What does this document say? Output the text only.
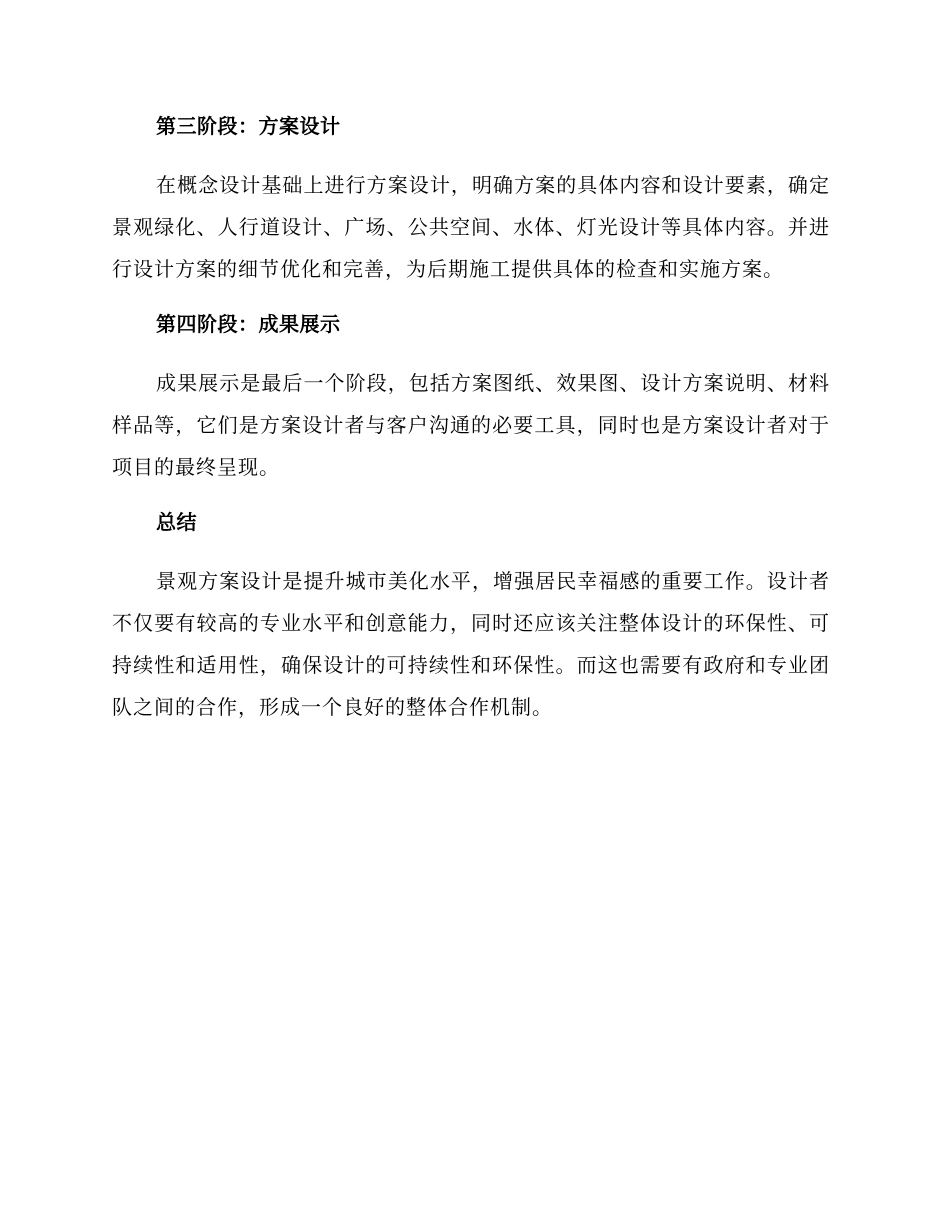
第三阶段：方案设计

在概念设计基础上进行方案设计，明确方案的具体内容和设计要素，确定景观绿化、人行道设计、广场、公共空间、水体、灯光设计等具体内容。并进行设计方案的细节优化和完善，为后期施工提供具体的检查和实施方案。

第四阶段：成果展示

成果展示是最后一个阶段，包括方案图纸、效果图、设计方案说明、材料样品等，它们是方案设计者与客户沟通的必要工具，同时也是方案设计者对于项目的最终呈现。

总结

景观方案设计是提升城市美化水平，增强居民幸福感的重要工作。设计者不仅要有较高的专业水平和创意能力，同时还应该关注整体设计的环保性、可持续性和适用性，确保设计的可持续性和环保性。而这也需要有政府和专业团队之间的合作，形成一个良好的整体合作机制。
